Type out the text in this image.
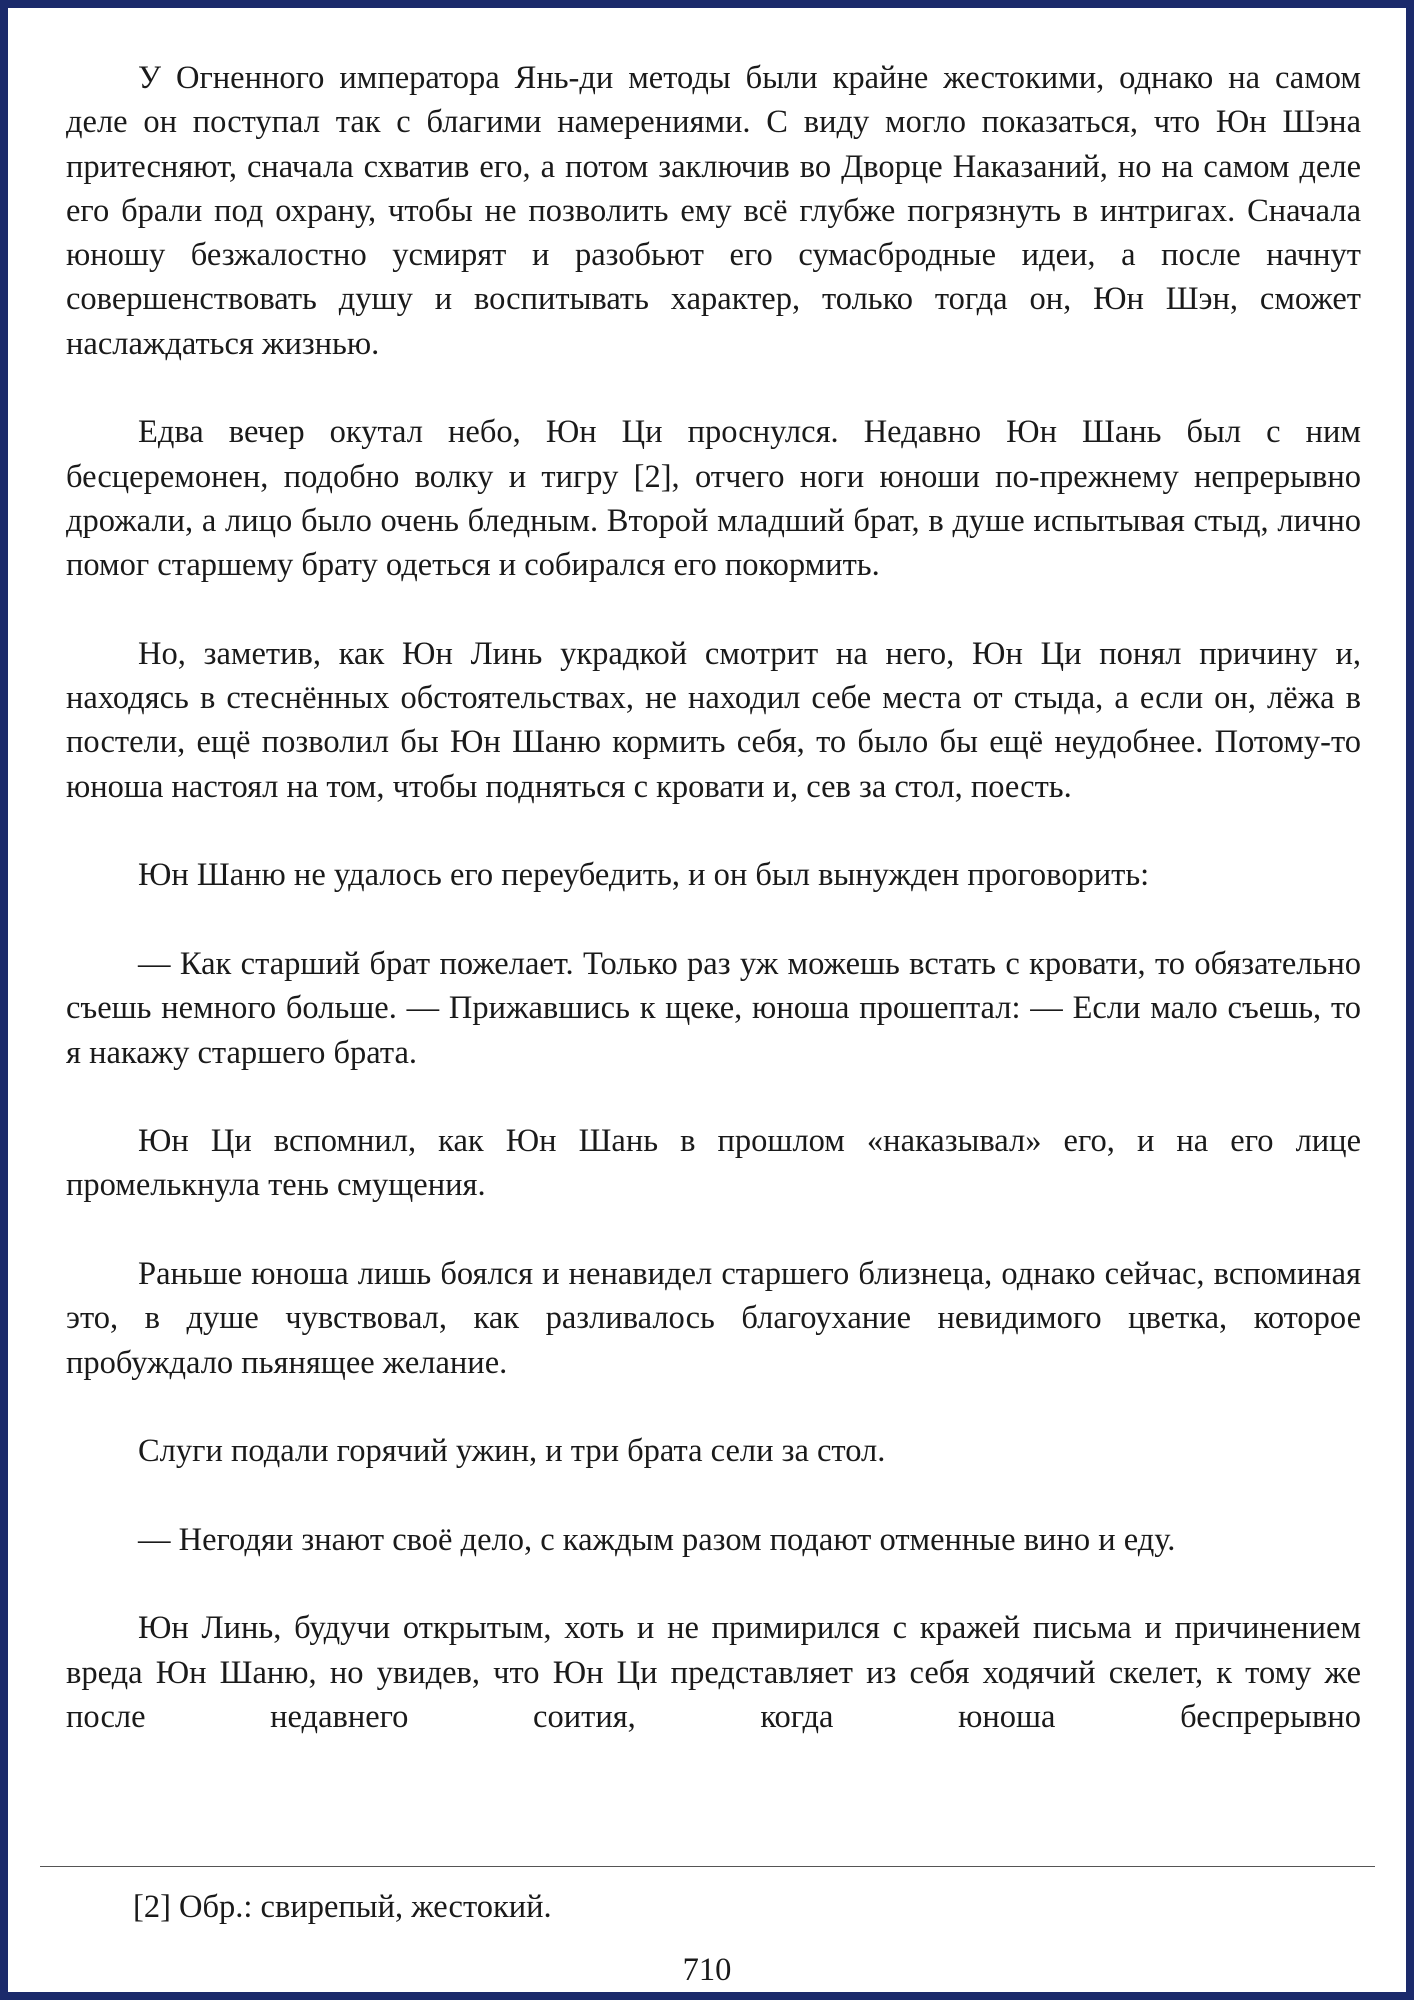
У Огненного императора Янь-ди методы были крайне жестокими, однако на самом деле он поступал так с благими намерениями. С виду могло показаться, что Юн Шэна притесняют, сначала схватив его, а потом заключив во Дворце Наказаний, но на самом деле его брали под охрану, чтобы не позволить ему всё глубже погрязнуть в интригах. Сначала юношу безжалостно усмирят и разобьют его сумасбродные идеи, а после начнут совершенствовать душу и воспитывать характер, только тогда он, Юн Шэн, сможет наслаждаться жизнью.

Едва вечер окутал небо, Юн Ци проснулся. Недавно Юн Шань был с ним бесцеремонен, подобно волку и тигру [2], отчего ноги юноши по-прежнему непрерывно дрожали, а лицо было очень бледным. Второй младший брат, в душе испытывая стыд, лично помог старшему брату одеться и собирался его покормить.

Но, заметив, как Юн Линь украдкой смотрит на него, Юн Ци понял причину и, находясь в стеснённых обстоятельствах, не находил себе места от стыда, а если он, лёжа в постели, ещё позволил бы Юн Шаню кормить себя, то было бы ещё неудобнее. Потому-то юноша настоял на том, чтобы подняться с кровати и, сев за стол, поесть.

Юн Шаню не удалось его переубедить, и он был вынужден проговорить:

— Как старший брат пожелает. Только раз уж можешь встать с кровати, то обязательно съешь немного больше. — Прижавшись к щеке, юноша прошептал: — Если мало съешь, то я накажу старшего брата.

Юн Ци вспомнил, как Юн Шань в прошлом «наказывал» его, и на его лице промелькнула тень смущения.

Раньше юноша лишь боялся и ненавидел старшего близнеца, однако сейчас, вспоминая это, в душе чувствовал, как разливалось благоухание невидимого цветка, которое пробуждало пьянящее желание.

Слуги подали горячий ужин, и три брата сели за стол.

— Негодяи знают своё дело, с каждым разом подают отменные вино и еду.

Юн Линь, будучи открытым, хоть и не примирился с кражей письма и причинением вреда Юн Шаню, но увидев, что Юн Ци представляет из себя ходячий скелет, к тому же после недавнего соития, когда юноша беспрерывно

[2] Обр.: свирепый, жестокий.

710
